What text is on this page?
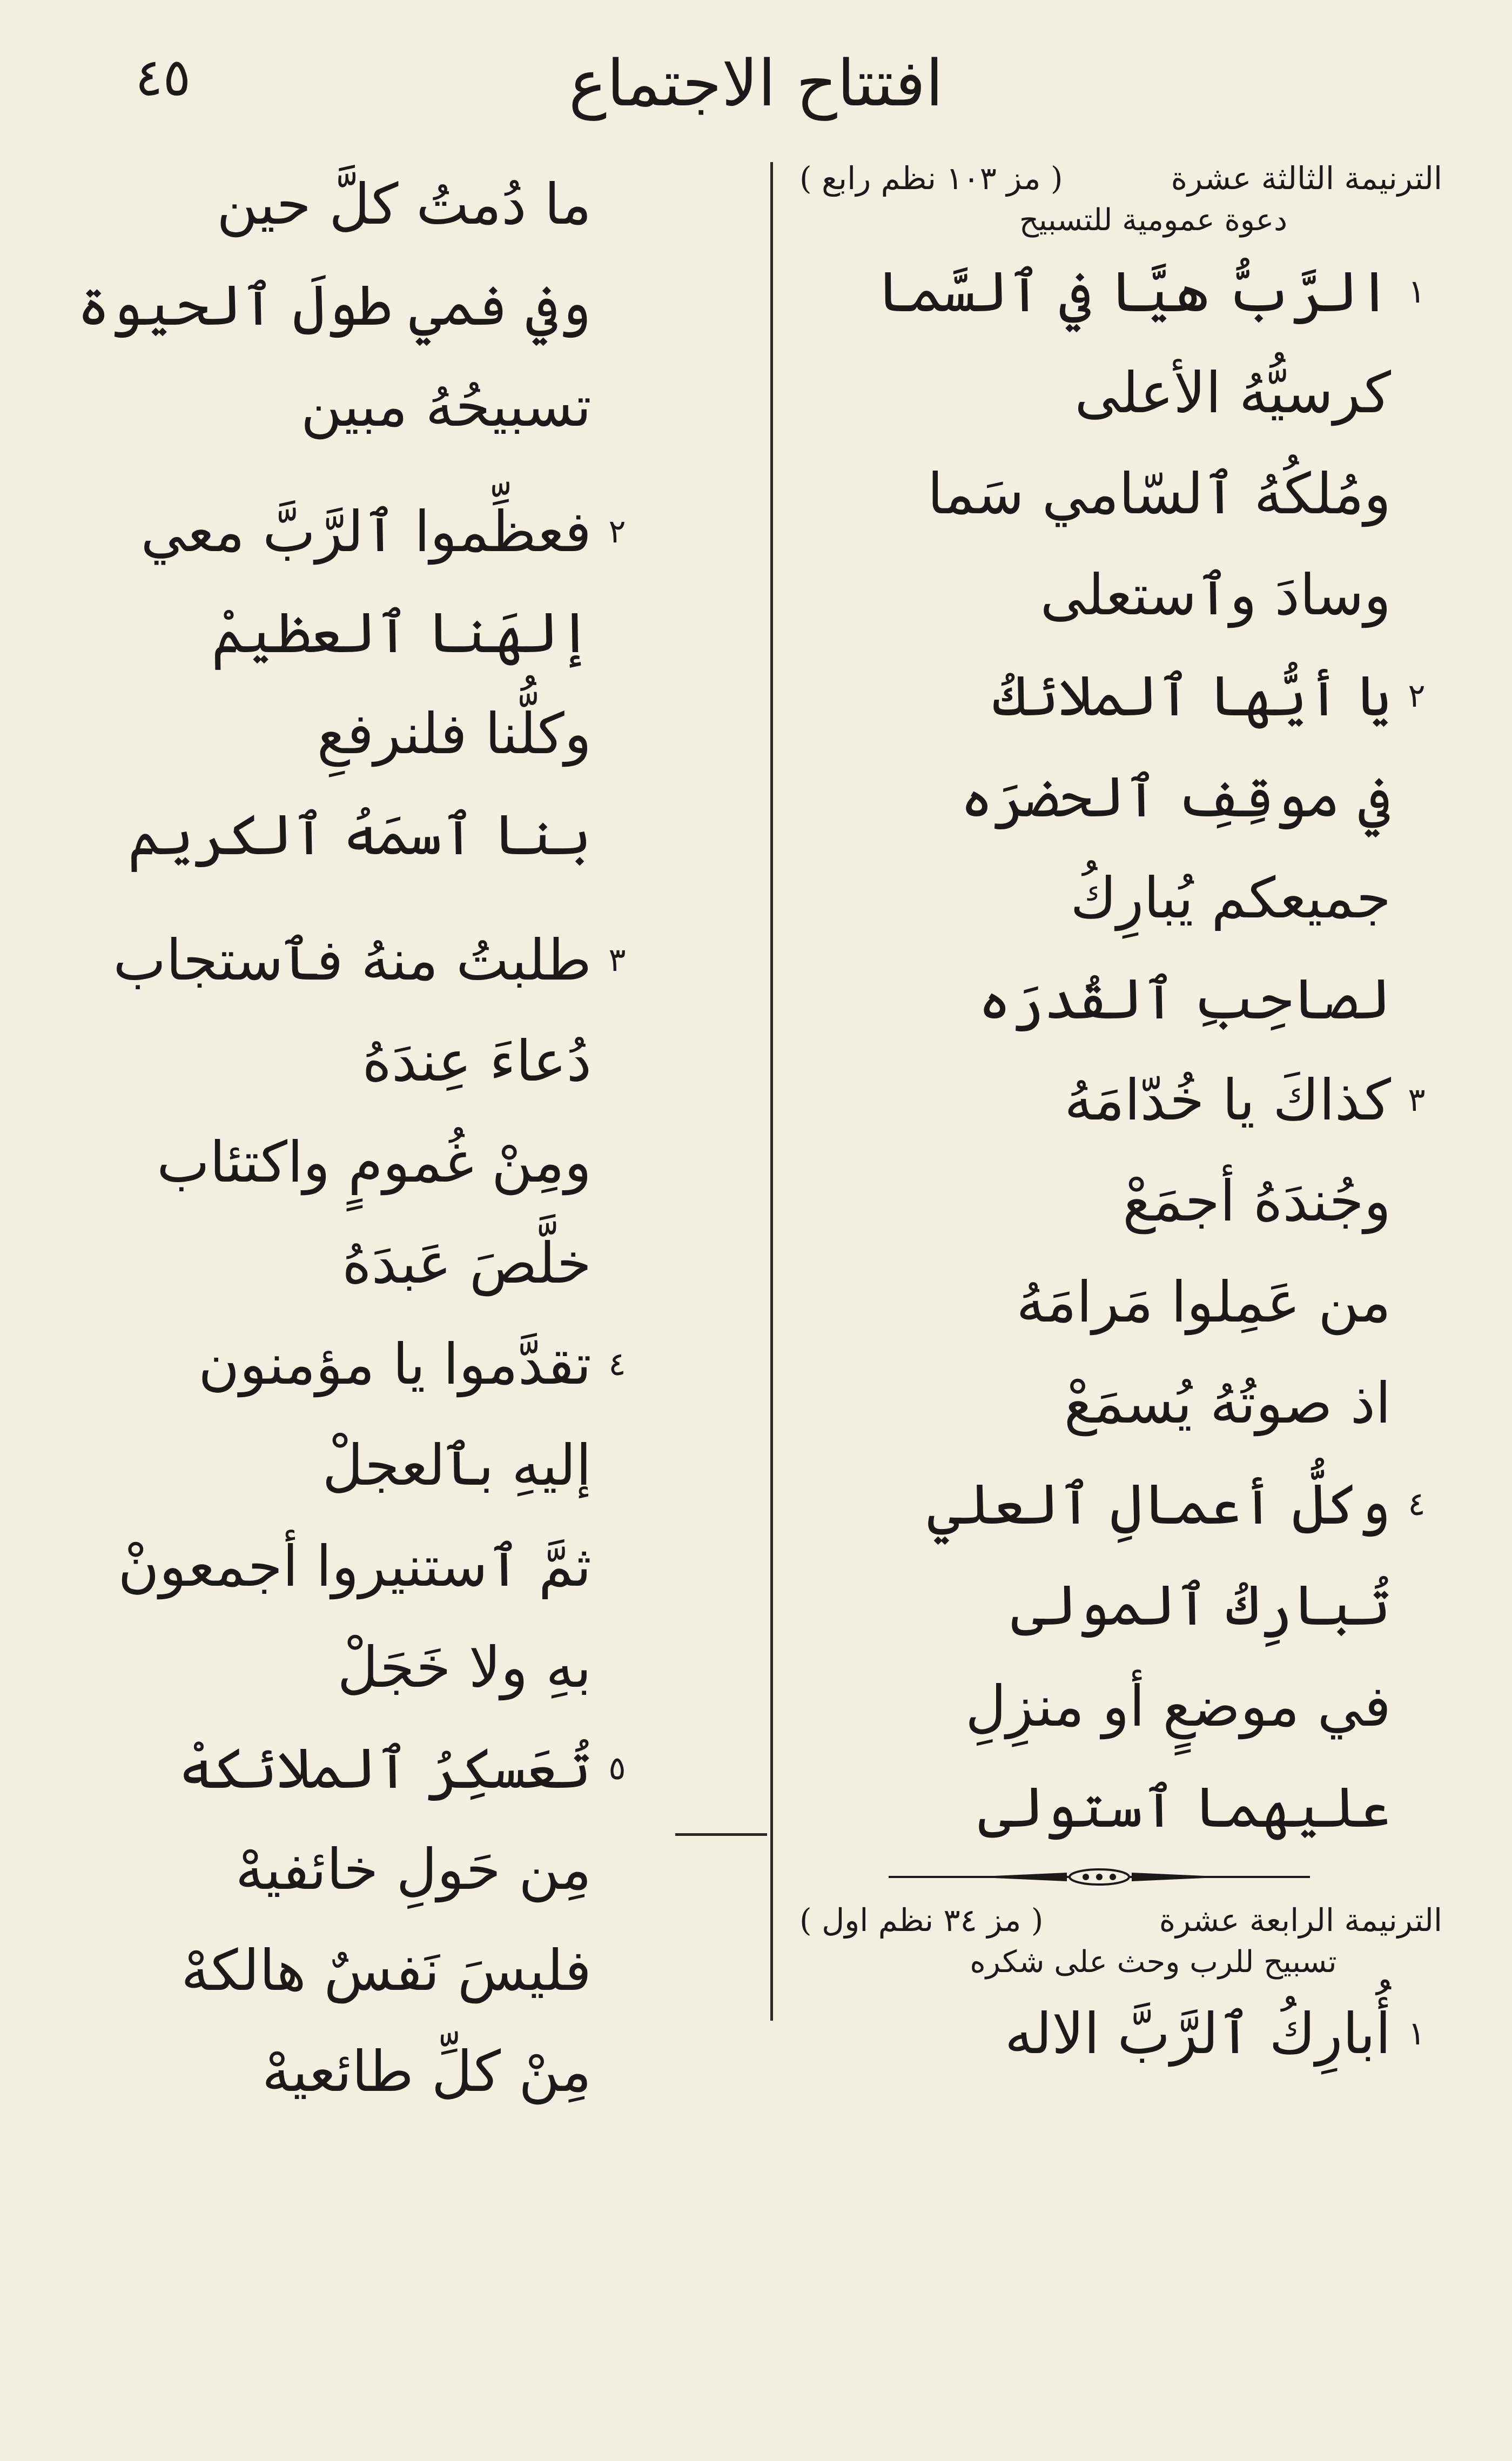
٤٥	افتتاح الاجتماع
ما دُمتُ كلَّ حين
وفي فمي طولَ ٱلحيوة
تسبيحُهُ مبين
٢
فعظِّموا ٱلرَّبَّ معي
إلهَنا ٱلعظيمْ
وكلُّنا فلنرفعِ
بنا ٱسمَهُ ٱلكريم
٣
طلبتُ منهُ فٱستجاب
دُعاءَ عِندَهُ
ومِنْ غُمومٍ واكتئاب
خلَّصَ عَبدَهُ
٤
تقدَّموا يا مؤمنون
إليهِ بٱلعجلْ
ثمَّ ٱستنيروا أجمعونْ
بهِ ولا خَجَلْ
٥
تُعَسكِرُ ٱلملائكهْ
مِن حَولِ خائفيهْ
فليسَ نَفسٌ هالكهْ
مِنْ كلِّ طائعيهْ
الترنيمة الثالثة عشرة
( مز ١٠٣ نظم رابع )
دعوة عمومية للتسبيح
١
الرَّبُّ هيَّا في ٱلسَّما
كرسيُّهُ الأعلى
ومُلكُهُ ٱلسّامي سَما
وسادَ وٱستعلى
٢
يا أيُّها ٱلملائكُ
في موقِفِ ٱلحضرَه
جميعكم يُبارِكُ
لصاحِبِ ٱلقُدرَه
٣
كذاكَ يا خُدّامَهُ
وجُندَهُ أجمَعْ
من عَمِلوا مَرامَهُ
اذ صوتُهُ يُسمَعْ
٤
وكلُّ أعمالِ ٱلعلي
تُبارِكُ ٱلمولى
في موضعٍ أو منزِلِ
عليهما ٱستولى
الترنيمة الرابعة عشرة
( مز ٣٤ نظم اول )
تسبيح للرب وحث على شكره
١
أُبارِكُ ٱلرَّبَّ الاله
